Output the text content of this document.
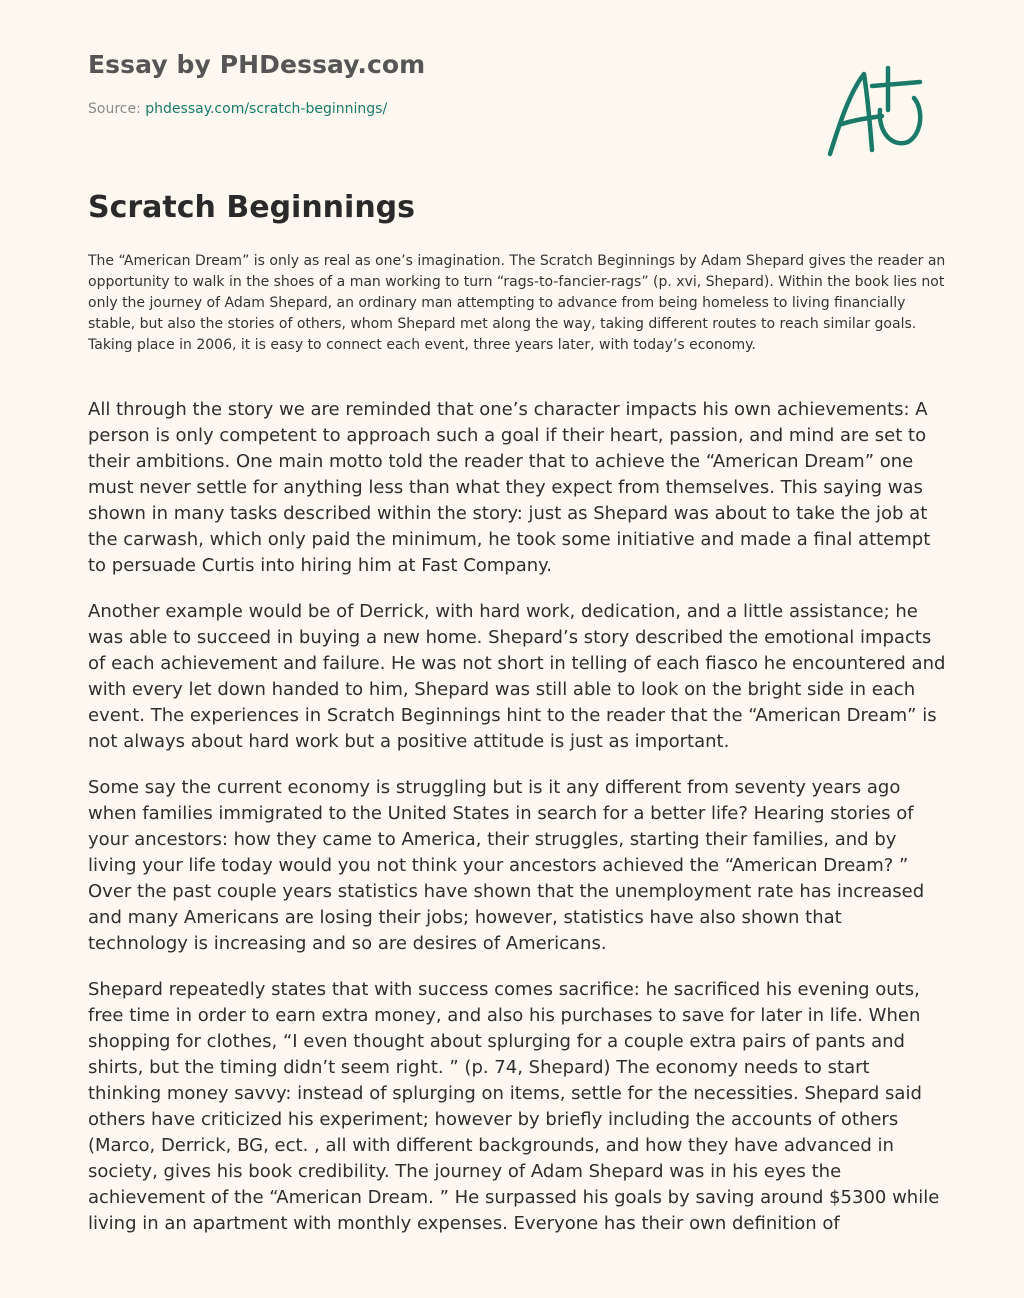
Essay by PHDessay.com
Source: phdessay.com/scratch-beginnings/
Scratch Beginnings

The “American Dream” is only as real as one’s imagination. The Scratch Beginnings by Adam Shepard gives the reader an opportunity to walk in the shoes of a man working to turn “rags-to-fancier-rags” (p. xvi, Shepard). Within the book lies not only the journey of Adam Shepard, an ordinary man attempting to advance from being homeless to living financially stable, but also the stories of others, whom Shepard met along the way, taking different routes to reach similar goals. Taking place in 2006, it is easy to connect each event, three years later, with today’s economy.

All through the story we are reminded that one’s character impacts his own achievements: A person is only competent to approach such a goal if their heart, passion, and mind are set to their ambitions. One main motto told the reader that to achieve the “American Dream” one must never settle for anything less than what they expect from themselves. This saying was shown in many tasks described within the story: just as Shepard was about to take the job at the carwash, which only paid the minimum, he took some initiative and made a final attempt to persuade Curtis into hiring him at Fast Company.

Another example would be of Derrick, with hard work, dedication, and a little assistance; he was able to succeed in buying a new home. Shepard’s story described the emotional impacts of each achievement and failure. He was not short in telling of each fiasco he encountered and with every let down handed to him, Shepard was still able to look on the bright side in each event. The experiences in Scratch Beginnings hint to the reader that the “American Dream” is not always about hard work but a positive attitude is just as important.

Some say the current economy is struggling but is it any different from seventy years ago when families immigrated to the United States in search for a better life? Hearing stories of your ancestors: how they came to America, their struggles, starting their families, and by living your life today would you not think your ancestors achieved the “American Dream? ” Over the past couple years statistics have shown that the unemployment rate has increased and many Americans are losing their jobs; however, statistics have also shown that technology is increasing and so are desires of Americans.

Shepard repeatedly states that with success comes sacrifice: he sacrificed his evening outs, free time in order to earn extra money, and also his purchases to save for later in life. When shopping for clothes, “I even thought about splurging for a couple extra pairs of pants and shirts, but the timing didn’t seem right. ” (p. 74, Shepard) The economy needs to start thinking money savvy: instead of splurging on items, settle for the necessities. Shepard said others have criticized his experiment; however by briefly including the accounts of others (Marco, Derrick, BG, ect. , all with different backgrounds, and how they have advanced in society, gives his book credibility. The journey of Adam Shepard was in his eyes the achievement of the “American Dream. ” He surpassed his goals by saving around $5300 while living in an apartment with monthly expenses. Everyone has their own definition of
